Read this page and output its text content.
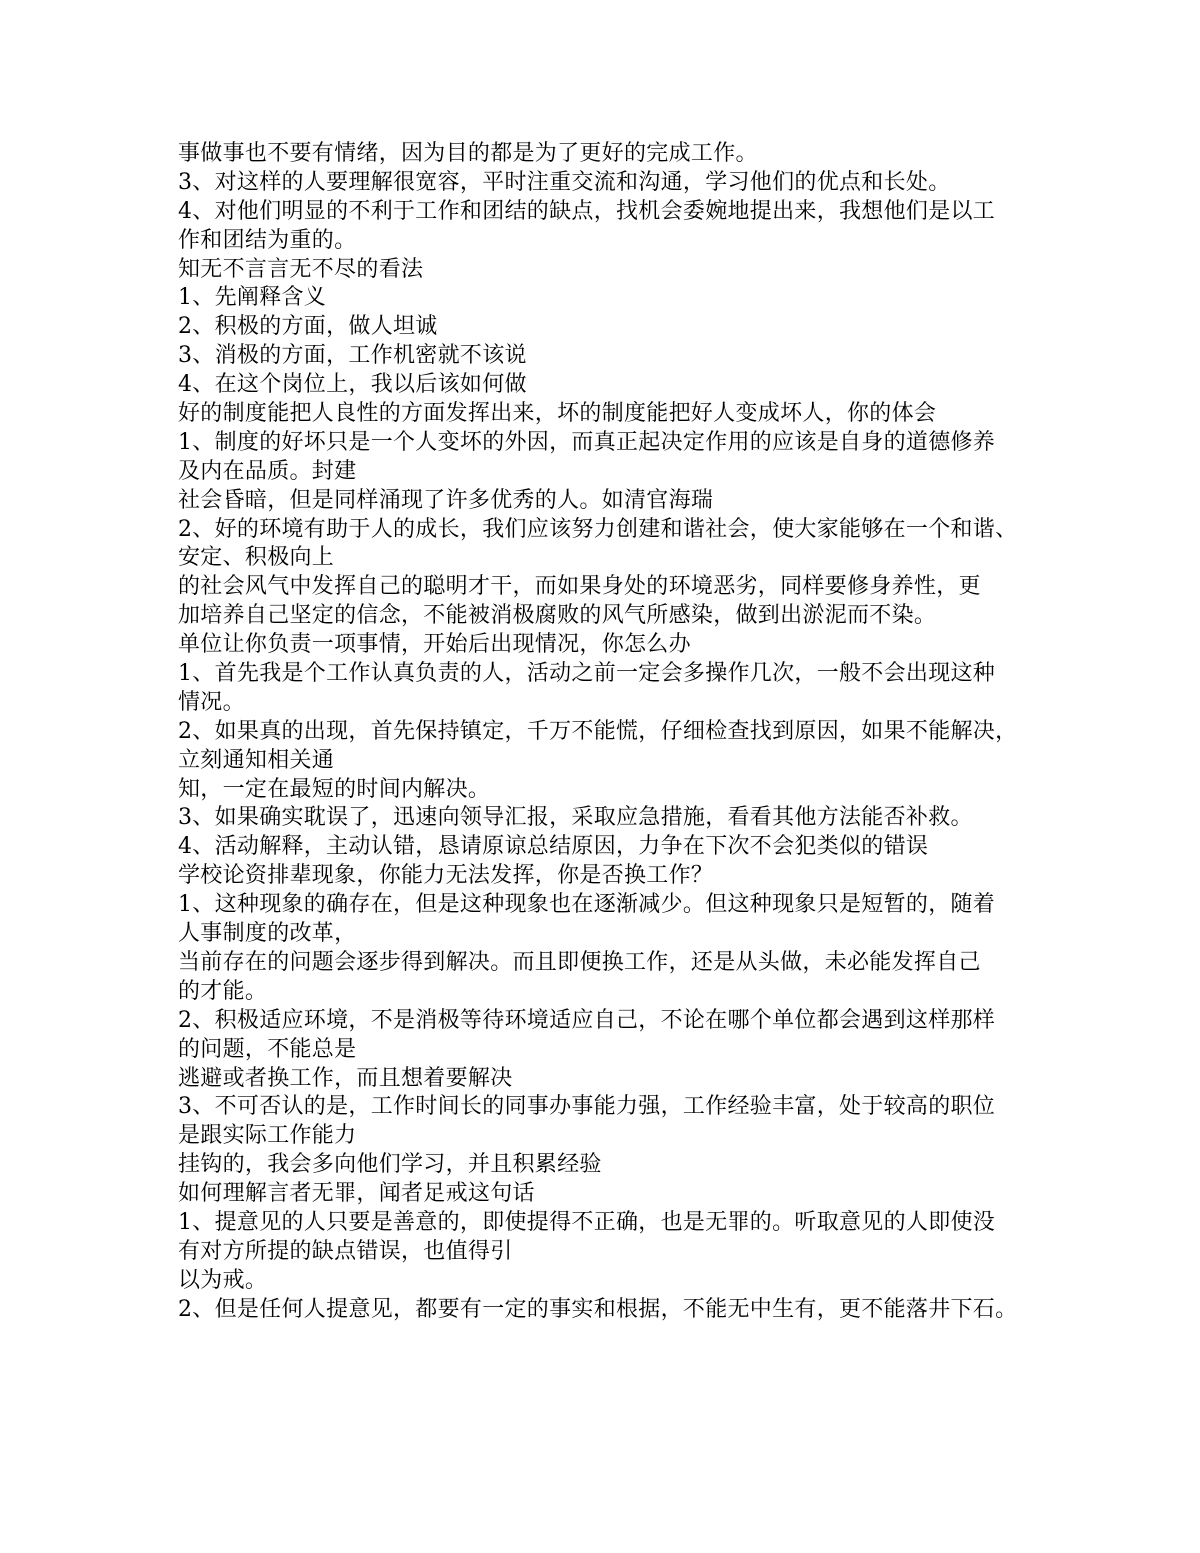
事做事也不要有情绪，因为目的都是为了更好的完成工作。
3、对这样的人要理解很宽容，平时注重交流和沟通，学习他们的优点和长处。
4、对他们明显的不利于工作和团结的缺点，找机会委婉地提出来，我想他们是以工
作和团结为重的。
知无不言言无不尽的看法
1、先阐释含义
2、积极的方面，做人坦诚
3、消极的方面，工作机密就不该说
4、在这个岗位上，我以后该如何做
好的制度能把人良性的方面发挥出来，坏的制度能把好人变成坏人，你的体会
1、制度的好坏只是一个人变坏的外因，而真正起决定作用的应该是自身的道德修养
及内在品质。封建
社会昏暗，但是同样涌现了许多优秀的人。如清官海瑞
2、好的环境有助于人的成长，我们应该努力创建和谐社会，使大家能够在一个和谐、
安定、积极向上
的社会风气中发挥自己的聪明才干，而如果身处的环境恶劣，同样要修身养性，更
加培养自己坚定的信念，不能被消极腐败的风气所感染，做到出淤泥而不染。
单位让你负责一项事情，开始后出现情况，你怎么办
1、首先我是个工作认真负责的人，活动之前一定会多操作几次，一般不会出现这种
情况。
2、如果真的出现，首先保持镇定，千万不能慌，仔细检查找到原因，如果不能解决，
立刻通知相关通
知，一定在最短的时间内解决。
3、如果确实耽误了，迅速向领导汇报，采取应急措施，看看其他方法能否补救。
4、活动解释，主动认错，恳请原谅总结原因，力争在下次不会犯类似的错误
学校论资排辈现象，你能力无法发挥，你是否换工作？
1、这种现象的确存在，但是这种现象也在逐渐减少。但这种现象只是短暂的，随着
人事制度的改革，
当前存在的问题会逐步得到解决。而且即便换工作，还是从头做，未必能发挥自己
的才能。
2、积极适应环境，不是消极等待环境适应自己，不论在哪个单位都会遇到这样那样
的问题，不能总是
逃避或者换工作，而且想着要解决
3、不可否认的是，工作时间长的同事办事能力强，工作经验丰富，处于较高的职位
是跟实际工作能力
挂钩的，我会多向他们学习，并且积累经验
如何理解言者无罪，闻者足戒这句话
1、提意见的人只要是善意的，即使提得不正确，也是无罪的。听取意见的人即使没
有对方所提的缺点错误，也值得引
以为戒。
2、但是任何人提意见，都要有一定的事实和根据，不能无中生有，更不能落井下石。
